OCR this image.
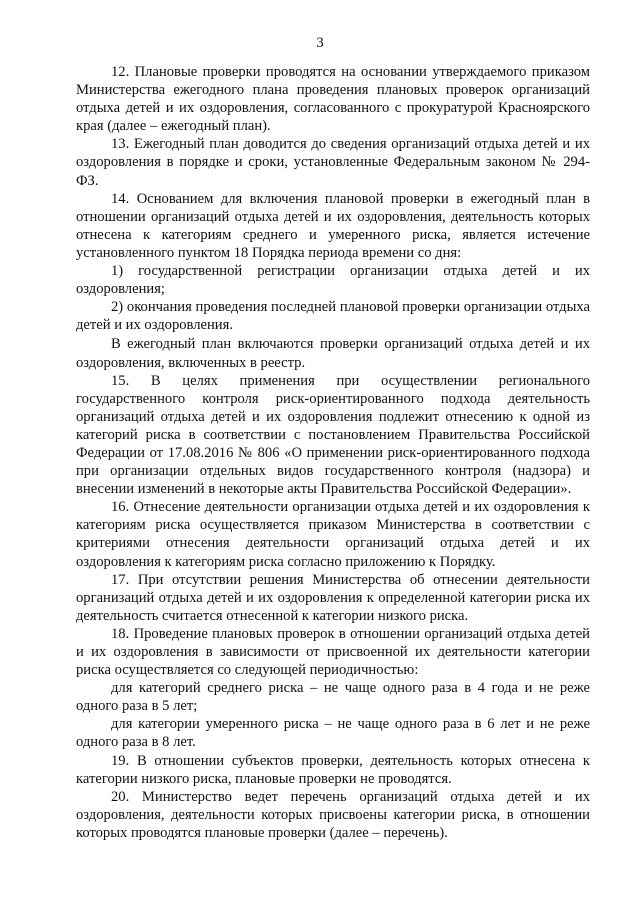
3

12. Плановые проверки проводятся на основании утверждаемого приказом Министерства ежегодного плана проведения плановых проверок организаций отдыха детей и их оздоровления, согласованного с прокуратурой Красноярского края (далее – ежегодный план).

13. Ежегодный план доводится до сведения организаций отдыха детей и их оздоровления в порядке и сроки, установленные Федеральным законом № 294-ФЗ.

14. Основанием для включения плановой проверки в ежегодный план в отношении организаций отдыха детей и их оздоровления, деятельность которых отнесена к категориям среднего и умеренного риска, является истечение установленного пунктом 18 Порядка периода времени со дня:

1) государственной регистрации организации отдыха детей и их оздоровления;

2) окончания проведения последней плановой проверки организации отдыха детей и их оздоровления.

В ежегодный план включаются проверки организаций отдыха детей и их оздоровления, включенных в реестр.

15. В целях применения при осуществлении регионального государственного контроля риск-ориентированного подхода деятельность организаций отдыха детей и их оздоровления подлежит отнесению к одной из категорий риска в соответствии с постановлением Правительства Российской Федерации от 17.08.2016 № 806 «О применении риск-ориентированного подхода при организации отдельных видов государственного контроля (надзора) и внесении изменений в некоторые акты Правительства Российской Федерации».

16. Отнесение деятельности организации отдыха детей и их оздоровления к категориям риска осуществляется приказом Министерства в соответствии с критериями отнесения деятельности организаций отдыха детей и их оздоровления к категориям риска согласно приложению к Порядку.

17. При отсутствии решения Министерства об отнесении деятельности организаций отдыха детей и их оздоровления к определенной категории риска их деятельность считается отнесенной к категории низкого риска.

18. Проведение плановых проверок в отношении организаций отдыха детей и их оздоровления в зависимости от присвоенной их деятельности категории риска осуществляется со следующей периодичностью:

для категорий среднего риска – не чаще одного раза в 4 года и не реже одного раза в 5 лет;

для категории умеренного риска – не чаще одного раза в 6 лет и не реже одного раза в 8 лет.

19. В отношении субъектов проверки, деятельность которых отнесена к категории низкого риска, плановые проверки не проводятся.

20. Министерство ведет перечень организаций отдыха детей и их оздоровления, деятельности которых присвоены категории риска, в отношении которых проводятся плановые проверки (далее – перечень).
